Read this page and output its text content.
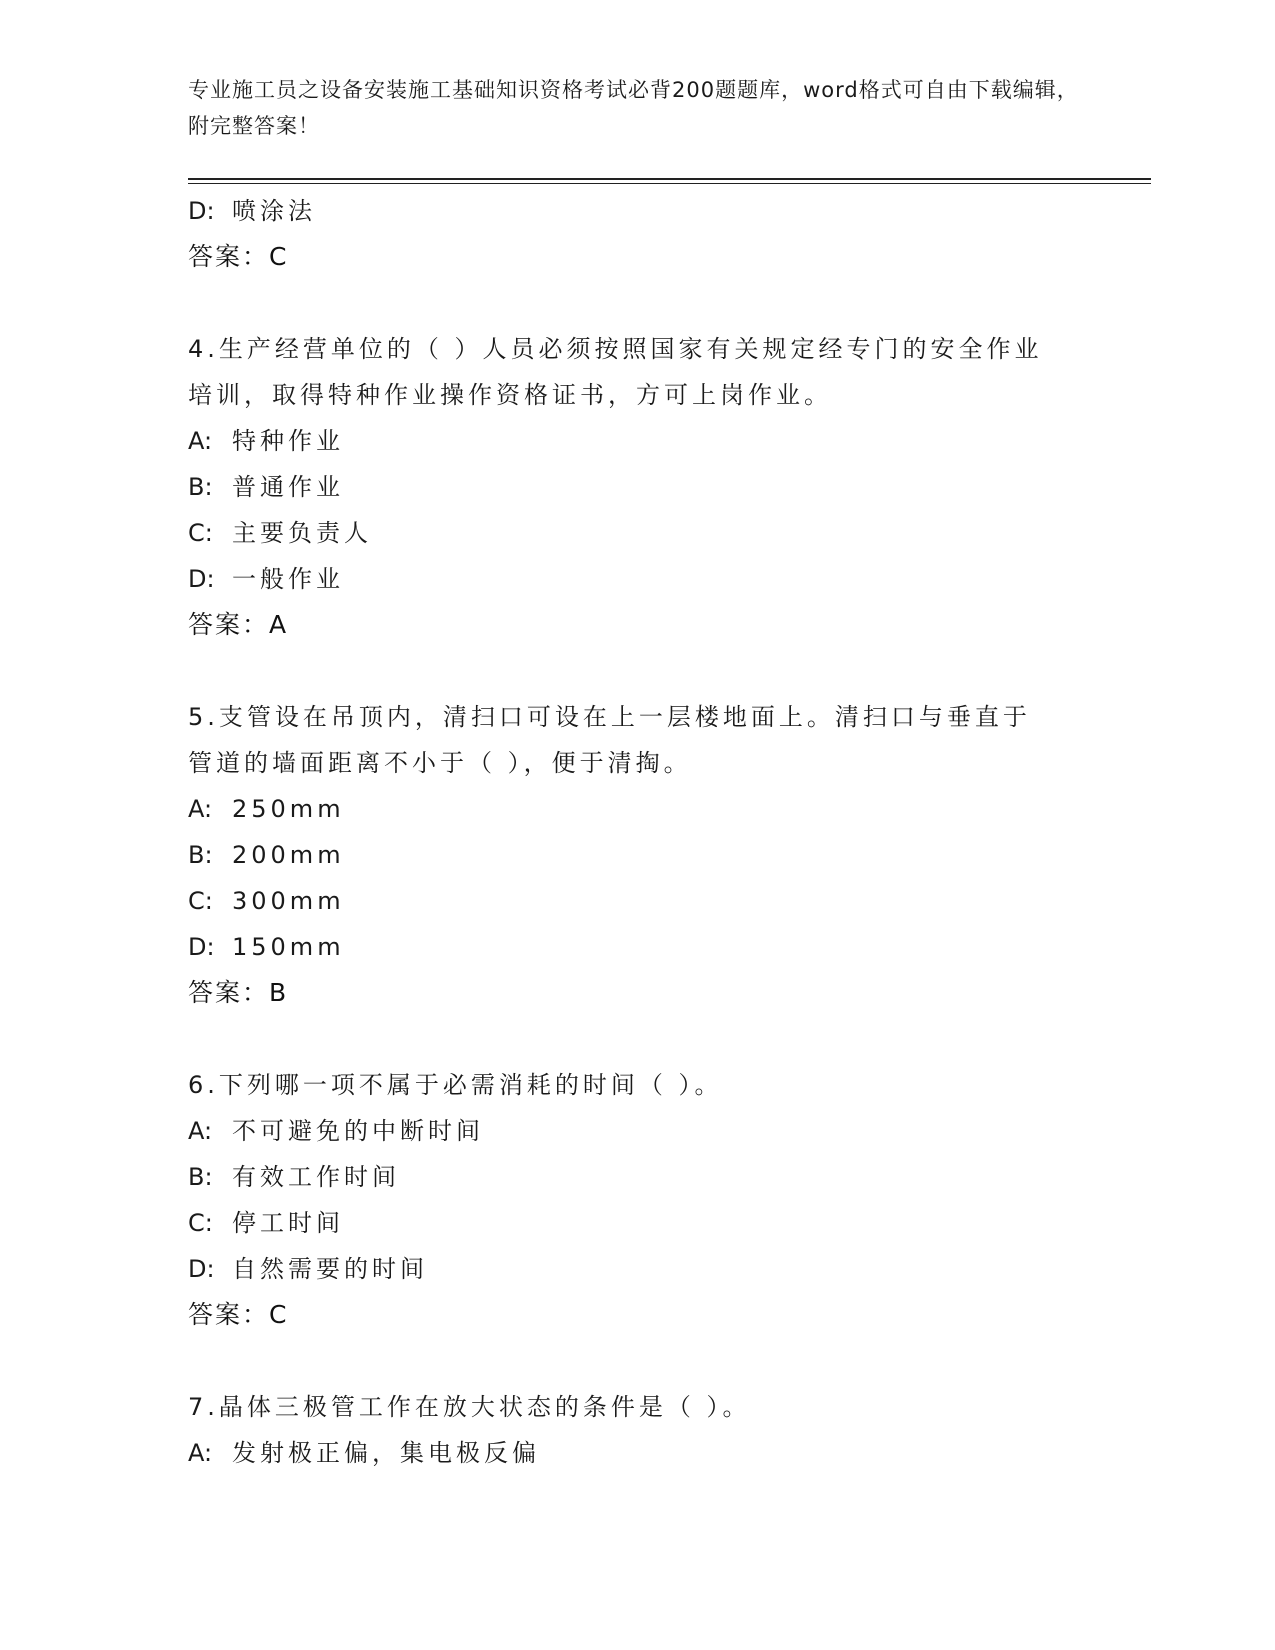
专业施工员之设备安装施工基础知识资格考试必背200题题库，word格式可自由下载编辑，附完整答案！
D: 喷涂法
答案：C
4.生产经营单位的（ ）人员必须按照国家有关规定经专门的安全作业
培训，取得特种作业操作资格证书，方可上岗作业。
A: 特种作业
B: 普通作业
C: 主要负责人
D: 一般作业
答案：A
5.支管设在吊顶内，清扫口可设在上一层楼地面上。清扫口与垂直于
管道的墙面距离不小于（ ），便于清掏。
A: 250mm
B: 200mm
C: 300mm
D: 150mm
答案：B
6.下列哪一项不属于必需消耗的时间（ ）。
A: 不可避免的中断时间
B: 有效工作时间
C: 停工时间
D: 自然需要的时间
答案：C
7.晶体三极管工作在放大状态的条件是（ ）。
A: 发射极正偏，集电极反偏
